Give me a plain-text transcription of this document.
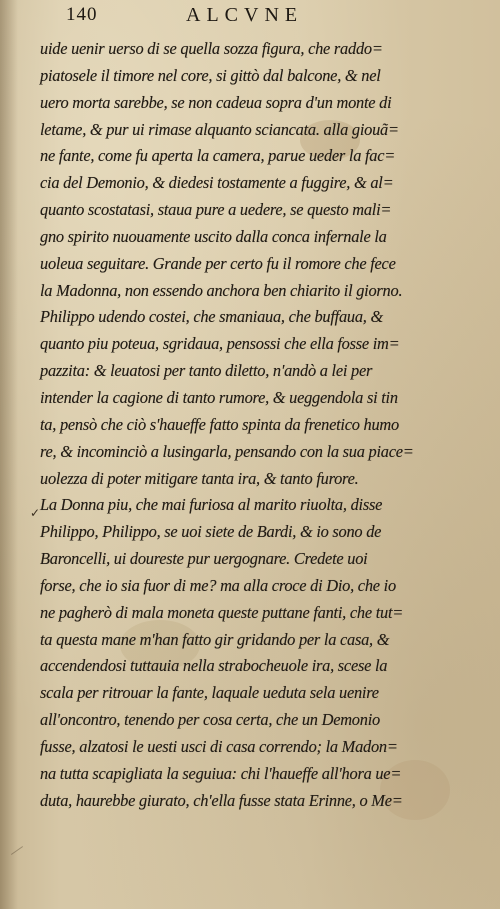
140	ALCVNE
uide uenir uerso di se quella sozza figura, che raddo=
piatosele il timore nel core, si gittò dal balcone, & nel
uero morta sarebbe, se non cadeua sopra d'un monte di
letame, & pur ui rimase alquanto sciancata. alla giouã=
ne fante, come fu aperta la camera, parue ueder la fac=
cia del Demonio, & diedesi tostamente a fuggire, & al=
quanto scostatasi, staua pure a uedere, se questo mali=
gno spirito nuouamente uscito dalla conca infernale la
uoleua seguitare. Grande per certo fu il romore che fece
la Madonna, non essendo anchora ben chiarito il giorno.
Philippo udendo costei, che smaniaua, che buffaua, &
quanto piu poteua, sgridaua, pensossi che ella fosse im=
pazzita: & leuatosi per tanto diletto, n'andò a lei per
intender la cagione di tanto rumore, & ueggendola si tin
ta, pensò che ciò s'haueffe fatto spinta da frenetico humo
re, & incominciò a lusingarla, pensando con la sua piace=
uolezza di poter mitigare tanta ira, & tanto furore.
La Donna piu, che mai furiosa al marito riuolta, disse
Philippo, Philippo, se uoi siete de Bardi, & io sono de
Baroncelli, ui doureste pur uergognare. Credete uoi
forse, che io sia fuor di me? ma alla croce di Dio, che io
ne pagherò di mala moneta queste puttane fanti, che tut=
ta questa mane m'han fatto gir gridando per la casa, &
accendendosi tuttauia nella strabocheuole ira, scese la
scala per ritrouar la fante, laquale ueduta sela uenire
all'oncontro, tenendo per cosa certa, che un Demonio
fusse, alzatosi le uesti usci di casa correndo; la Madon=
na tutta scapigliata la seguiua: chi l'haueffe all'hora ue=
duta, haurebbe giurato, ch'ella fusse stata Erinne, o Me=
✓
